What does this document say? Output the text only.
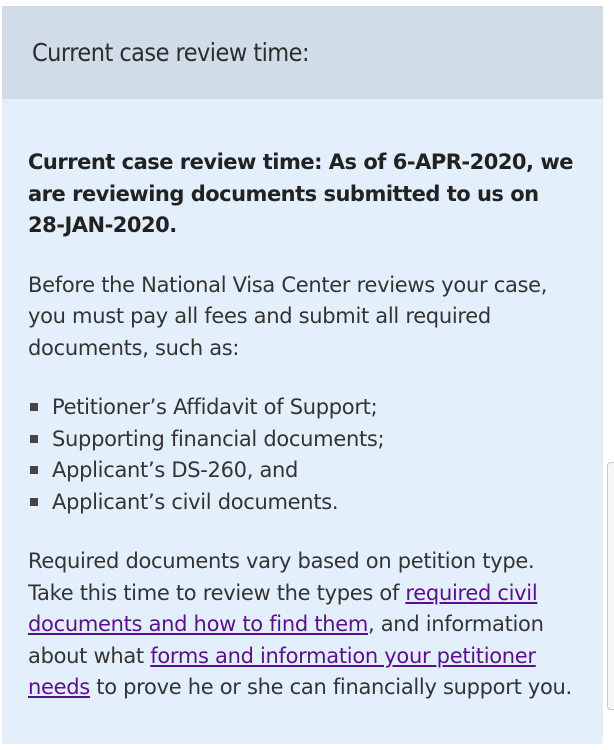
Current case review time:

Current case review time: As of 6-APR-2020, we are reviewing documents submitted to us on 28-JAN-2020.

Before the National Visa Center reviews your case, you must pay all fees and submit all required documents, such as:

Petitioner’s Affidavit of Support;
Supporting financial documents;
Applicant’s DS-260, and
Applicant’s civil documents.

Required documents vary based on petition type. Take this time to review the types of required civil documents and how to find them, and information about what forms and information your petitioner needs to prove he or she can financially support you.
